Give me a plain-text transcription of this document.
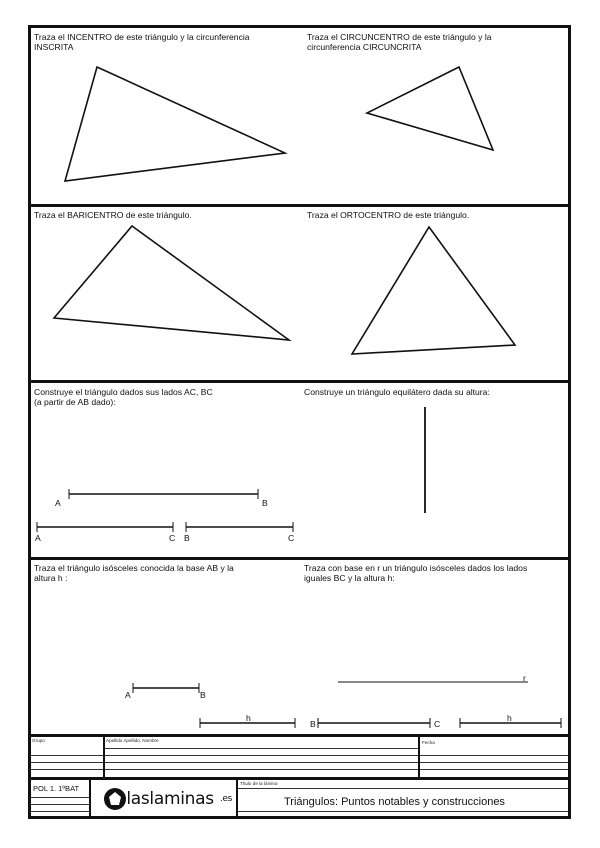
Traza el INCENTRO de este triángulo y la circunferencia
INSCRITA
Traza el CIRCUNCENTRO de este triángulo y la
circunferencia CIRCUNCRITA
Traza el BARICENTRO de este triángulo.	Traza el ORTOCENTRO de este triángulo.
Construye el triángulo dados sus lados AC, BC
(a partir de AB dado):
Construye un triángulo equilátero dada su altura:
Traza el triángulo isósceles conocida la base AB y la
altura h :
Traza con base en r un triángulo isósceles dados los lados
iguales BC y la altura h:
A	B
A	C B	C
A	B
h
r
B	C
h
Grupo	Apellido Apellido, Nombre	Fecha
POL 1. 1ºBAT
laslaminas .es
Título de la lámina
Triángulos: Puntos notables y construcciones
